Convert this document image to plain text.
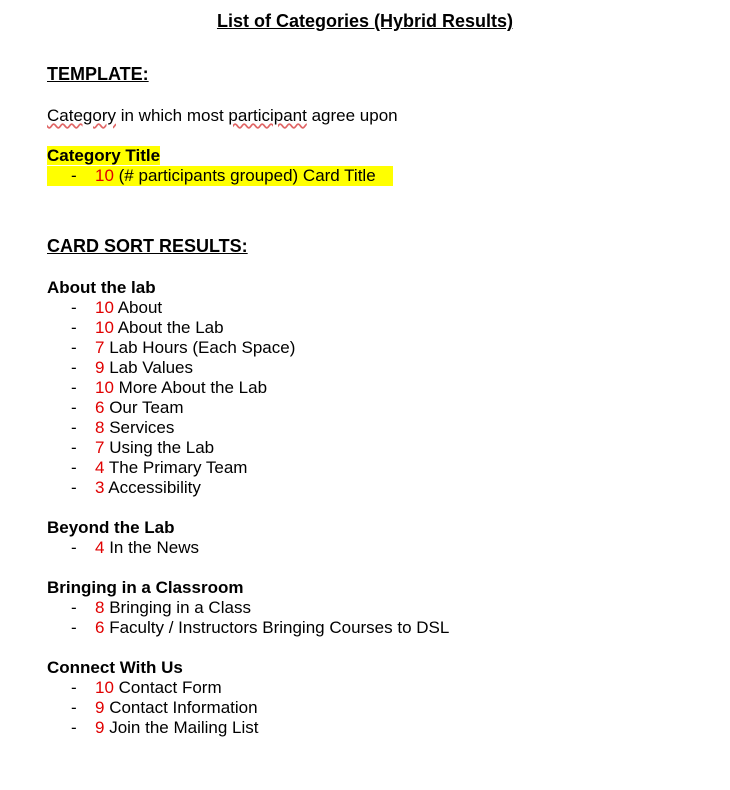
List of Categories (Hybrid Results)
TEMPLATE:
Category in which most participant agree upon
Category Title
- 10 (# participants grouped) Card Title
CARD SORT RESULTS:
About the lab
- 10 About
- 10 About the Lab
- 7 Lab Hours (Each Space)
- 9 Lab Values
- 10 More About the Lab
- 6 Our Team
- 8 Services
- 7 Using the Lab
- 4 The Primary Team
- 3 Accessibility
Beyond the Lab
- 4 In the News
Bringing in a Classroom
- 8 Bringing in a Class
- 6 Faculty / Instructors Bringing Courses to DSL
Connect With Us
- 10 Contact Form
- 9 Contact Information
- 9 Join the Mailing List
